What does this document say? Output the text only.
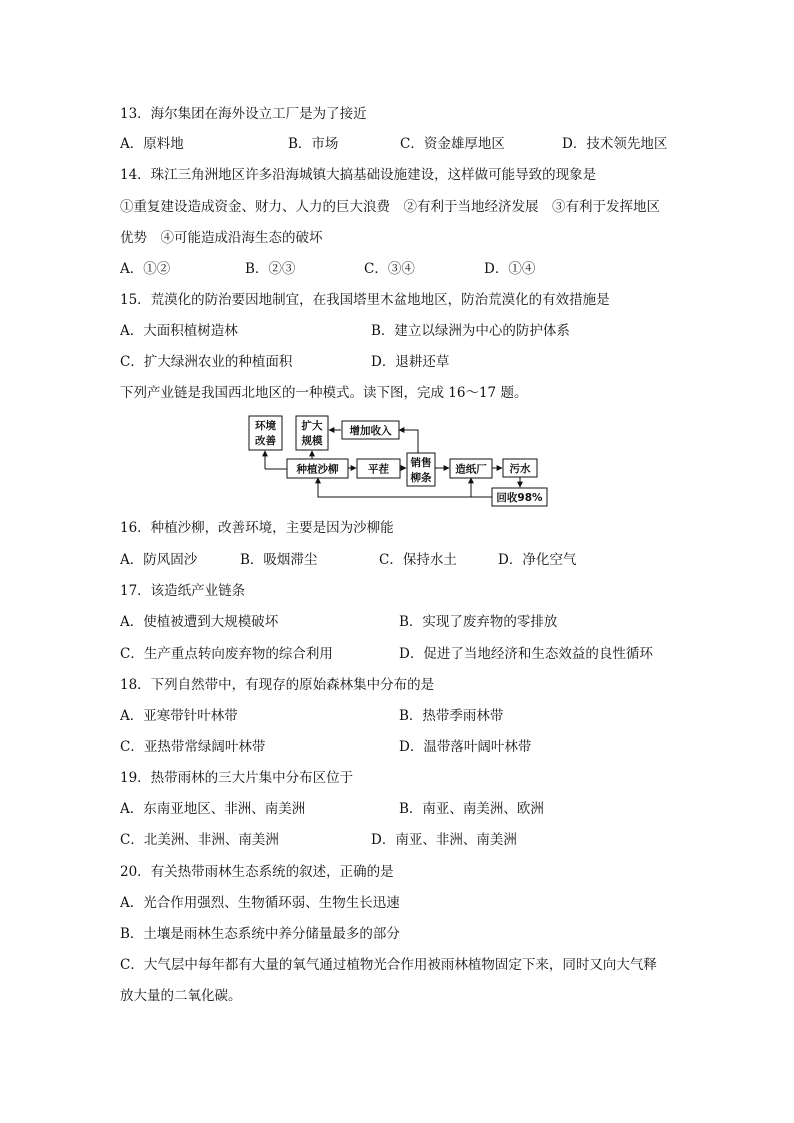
13．海尔集团在海外设立工厂是为了接近
A．原料地	B．市场	C．资金雄厚地区	D．技术领先地区
14．珠江三角洲地区许多沿海城镇大搞基础设施建设，这样做可能导致的现象是
①重复建设造成资金、财力、人力的巨大浪费　②有利于当地经济发展　③有利于发挥地区
优势　④可能造成沿海生态的破坏
A．①②	B．②③	C．③④	D．①④
15．荒漠化的防治要因地制宜，在我国塔里木盆地地区，防治荒漠化的有效措施是
A．大面积植树造林	B．建立以绿洲为中心的防护体系
C．扩大绿洲农业的种植面积	D．退耕还草
下列产业链是我国西北地区的一种模式。读下图，完成 16～17 题。
环境
改善
扩大
规模
增加收入
种植沙柳	平茬
销售
柳条
造纸厂 污水
回收98%
16．种植沙柳，改善环境，主要是因为沙柳能
A．防风固沙	B．吸烟滞尘	C．保持水土	D．净化空气
17．该造纸产业链条
A．使植被遭到大规模破坏	B．实现了废弃物的零排放
C．生产重点转向废弃物的综合利用	D．促进了当地经济和生态效益的良性循环
18．下列自然带中，有现存的原始森林集中分布的是
A．亚寒带针叶林带	B．热带季雨林带
C．亚热带常绿阔叶林带	D．温带落叶阔叶林带
19．热带雨林的三大片集中分布区位于
A．东南亚地区、非洲、南美洲	B．南亚、南美洲、欧洲
C．北美洲、非洲、南美洲	D．南亚、非洲、南美洲
20．有关热带雨林生态系统的叙述，正确的是
A．光合作用强烈、生物循环弱、生物生长迅速
B．土壤是雨林生态系统中养分储量最多的部分
C．大气层中每年都有大量的氧气通过植物光合作用被雨林植物固定下来，同时又向大气释
放大量的二氧化碳。
